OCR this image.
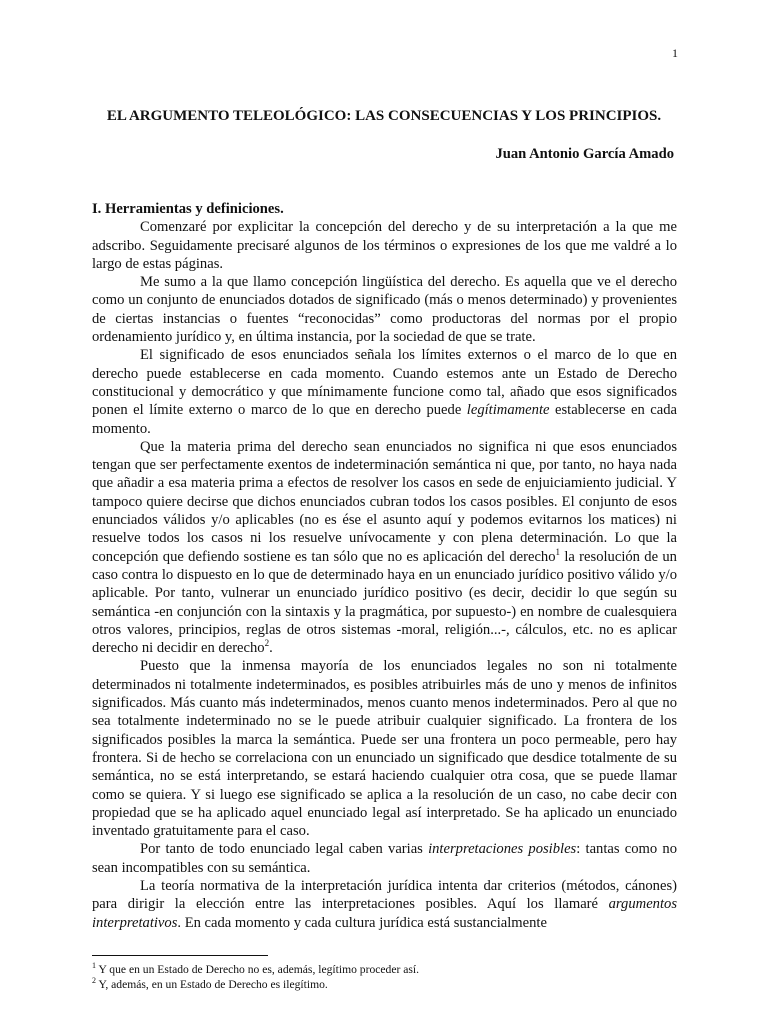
1
EL ARGUMENTO TELEOLÓGICO: LAS CONSECUENCIAS Y LOS PRINCIPIOS.

Juan Antonio García Amado

I. Herramientas y definiciones.

Comenzaré por explicitar la concepción del derecho y de su interpretación a la que me adscribo. Seguidamente precisaré algunos de los términos o expresiones de los que me valdré a lo largo de estas páginas.

Me sumo a la que llamo concepción lingüística del derecho. Es aquella que ve el derecho como un conjunto de enunciados dotados de significado (más o menos determinado) y provenientes de ciertas instancias o fuentes “reconocidas” como productoras del normas por el propio ordenamiento jurídico y, en última instancia, por la sociedad de que se trate.

El significado de esos enunciados señala los límites externos o el marco de lo que en derecho puede establecerse en cada momento. Cuando estemos ante un Estado de Derecho constitucional y democrático y que mínimamente funcione como tal, añado que esos significados ponen el límite externo o marco de lo que en derecho puede legítimamente establecerse en cada momento.

Que la materia prima del derecho sean enunciados no significa ni que esos enunciados tengan que ser perfectamente exentos de indeterminación semántica ni que, por tanto, no haya nada que añadir a esa materia prima a efectos de resolver los casos en sede de enjuiciamiento judicial. Y tampoco quiere decirse que dichos enunciados cubran todos los casos posibles. El conjunto de esos enunciados válidos y/o aplicables (no es ése el asunto aquí y podemos evitarnos los matices) ni resuelve todos los casos ni los resuelve unívocamente y con plena determinación. Lo que la concepción que defiendo sostiene es tan sólo que no es aplicación del derecho$^1$ la resolución de un caso contra lo dispuesto en lo que de determinado haya en un enunciado jurídico positivo válido y/o aplicable. Por tanto, vulnerar un enunciado jurídico positivo (es decir, decidir lo que según su semántica -en conjunción con la sintaxis y la pragmática, por supuesto-) en nombre de cualesquiera otros valores, principios, reglas de otros sistemas -moral, religión...-, cálculos, etc. no es aplicar derecho ni decidir en derecho$^2$.

Puesto que la inmensa mayoría de los enunciados legales no son ni totalmente determinados ni totalmente indeterminados, es posibles atribuirles más de uno y menos de infinitos significados. Más cuanto más indeterminados, menos cuanto menos indeterminados. Pero al que no sea totalmente indeterminado no se le puede atribuir cualquier significado. La frontera de los significados posibles la marca la semántica. Puede ser una frontera un poco permeable, pero hay frontera. Si de hecho se correlaciona con un enunciado un significado que desdice totalmente de su semántica, no se está interpretando, se estará haciendo cualquier otra cosa, que se puede llamar como se quiera. Y si luego ese significado se aplica a la resolución de un caso, no cabe decir con propiedad que se ha aplicado aquel enunciado legal así interpretado. Se ha aplicado un enunciado inventado gratuitamente para el caso.

Por tanto de todo enunciado legal caben varias interpretaciones posibles: tantas como no sean incompatibles con su semántica.

La teoría normativa de la interpretación jurídica intenta dar criterios (métodos, cánones) para dirigir la elección entre las interpretaciones posibles. Aquí los llamaré argumentos interpretativos. En cada momento y cada cultura jurídica está sustancialmente

$^1$ Y que en un Estado de Derecho no es, además, legítimo proceder así.

$^2$ Y, además, en un Estado de Derecho es ilegítimo.
